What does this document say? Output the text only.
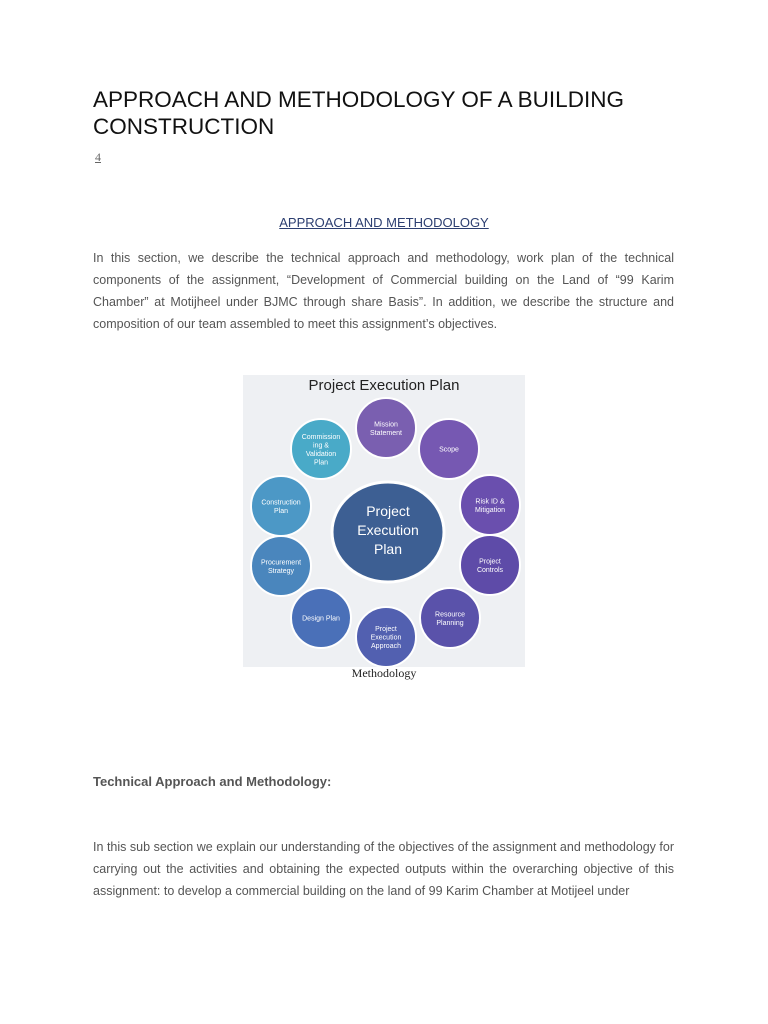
APPROACH AND METHODOLOGY OF A BUILDING CONSTRUCTION
4
APPROACH AND METHODOLOGY

In this section, we describe the technical approach and methodology, work plan of the technical components of the assignment, “Development of Commercial building on the Land of “99 Karim Chamber” at Motijheel under BJMC through share Basis”. In addition, we describe the structure and composition of our team assembled to meet this assignment’s objectives.

Project Execution Plan
Project
Execution
Plan
Mission
Statement
Scope
Risk ID &
Mitigation
Project
Controls
Resource
Planning
Project
Execution
Approach
Design Plan
Procurement
Strategy
Construction
Plan
Commission
ing &
Validation
Plan
Methodology
Technical Approach and Methodology:

In this sub section we explain our understanding of the objectives of the assignment and methodology for carrying out the activities and obtaining the expected outputs within the overarching objective of this assignment: to develop a commercial building on the land of 99 Karim Chamber at Motijeel under
